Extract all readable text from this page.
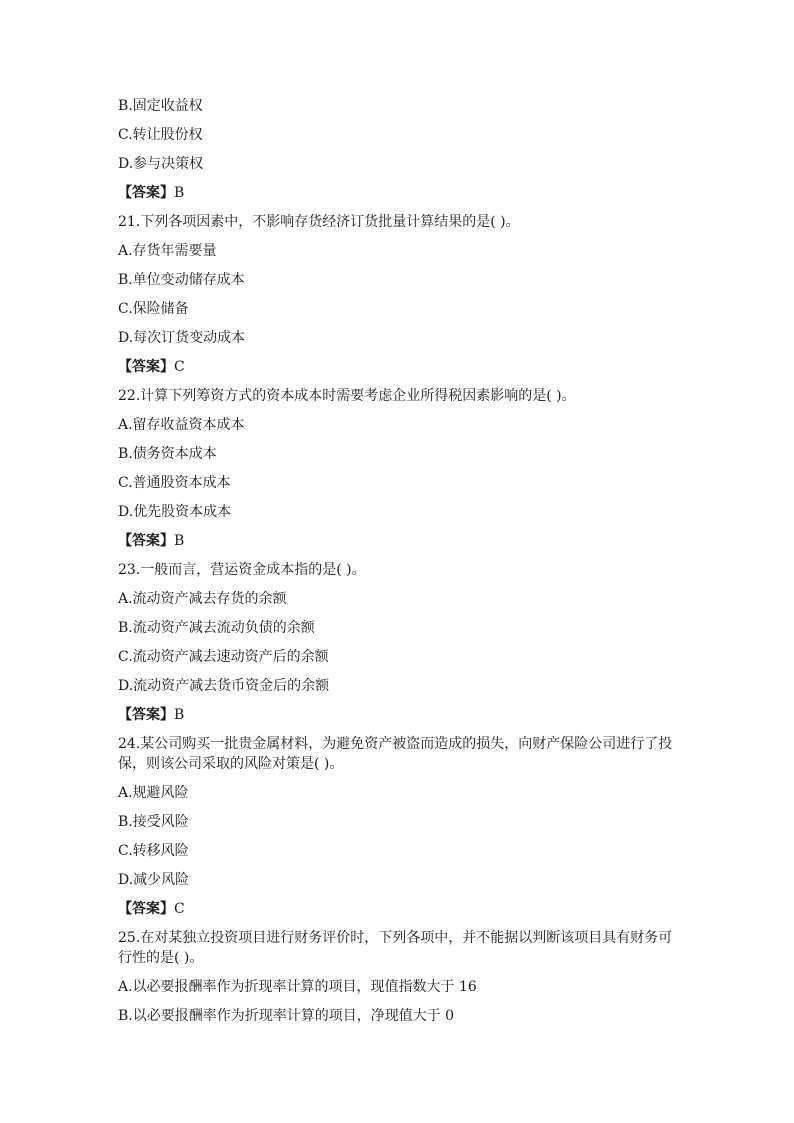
B.固定收益权
C.转让股份权
D.参与决策权
【答案】B
21.下列各项因素中，不影响存货经济订货批量计算结果的是( )。
A.存货年需要量
B.单位变动储存成本
C.保险储备
D.每次订货变动成本
【答案】C
22.计算下列筹资方式的资本成本时需要考虑企业所得税因素影响的是( )。
A.留存收益资本成本
B.债务资本成本
C.普通股资本成本
D.优先股资本成本
【答案】B
23.一般而言，营运资金成本指的是( )。
A.流动资产减去存货的余额
B.流动资产减去流动负债的余额
C.流动资产减去速动资产后的余额
D.流动资产减去货币资金后的余额
【答案】B
24.某公司购买一批贵金属材料，为避免资产被盗而造成的损失，向财产保险公司进行了投
保，则该公司采取的风险对策是( )。
A.规避风险
B.接受风险
C.转移风险
D.减少风险
【答案】C
25.在对某独立投资项目进行财务评价时，下列各项中，并不能据以判断该项目具有财务可
行性的是( )。
A.以必要报酬率作为折现率计算的项目，现值指数大于 16
B.以必要报酬率作为折现率计算的项目，净现值大于 0
